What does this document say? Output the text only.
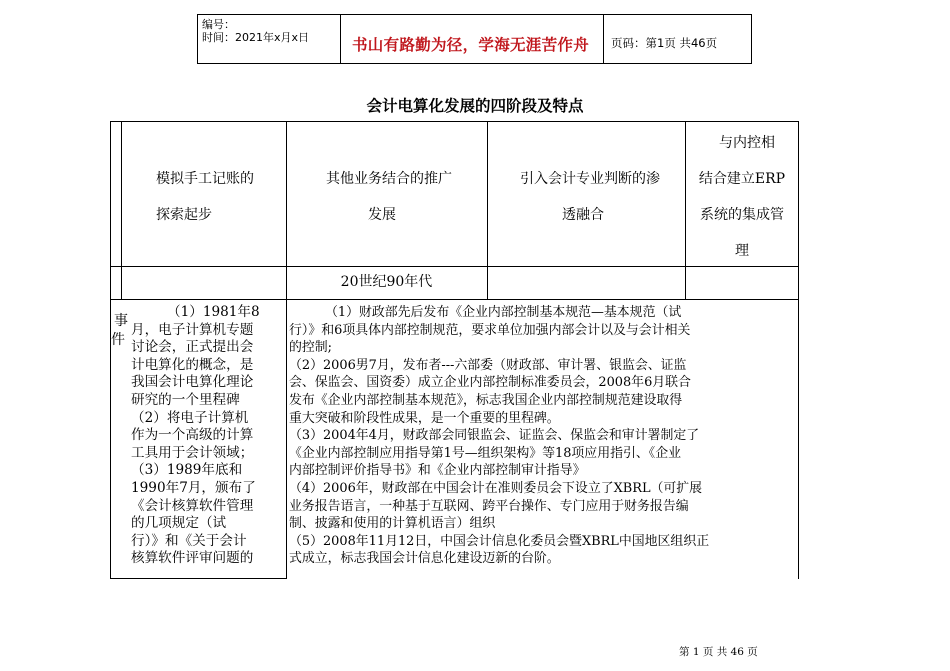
编号：
时间：2021年x月x日	书山有路勤为径，学海无涯苦作舟 页码：第1页 共46页
会计电算化发展的四阶段及特点
模拟手工记账的
探索起步
其他业务结合的推广
发展
引入会计专业判断的渗
透融合
与内控相
结合建立ERP
系统的集成管
理
20世纪90年代
事
件
（1）1981年8
月，电子计算机专题
讨论会，正式提出会
计电算化的概念，是
我国会计电算化理论
研究的一个里程碑
（2）将电子计算机
作为一个高级的计算
工具用于会计领域；
（3）1989年底和
1990年7月，颁布了
《会计核算软件管理
的几项规定（试
行）》和《关于会计
核算软件评审问题的
（1）财政部先后发布《企业内部控制基本规范—基本规范（试
行）》和6项具体内部控制规范，要求单位加强内部会计以及与会计相关
的控制;
（2）2006男7月，发布者---六部委（财政部、审计署、银监会、证监
会、保监会、国资委）成立企业内部控制标准委员会，2008年6月联合
发布《企业内部控制基本规范》，标志我国企业内部控制规范建设取得
重大突破和阶段性成果，是一个重要的里程碑。
（3）2004年4月，财政部会同银监会、证监会、保监会和审计署制定了
《企业内部控制应用指导第1号—组织架构》等18项应用指引、《企业
内部控制评价指导书》和《企业内部控制审计指导》
（4）2006年，财政部在中国会计在准则委员会下设立了XBRL（可扩展
业务报告语言，一种基于互联网、跨平台操作、专门应用于财务报告编
制、披露和使用的计算机语言）组织
（5）2008年11月12日，中国会计信息化委员会暨XBRL中国地区组织正
式成立，标志我国会计信息化建设迈新的台阶。
第 1 页 共 46 页
